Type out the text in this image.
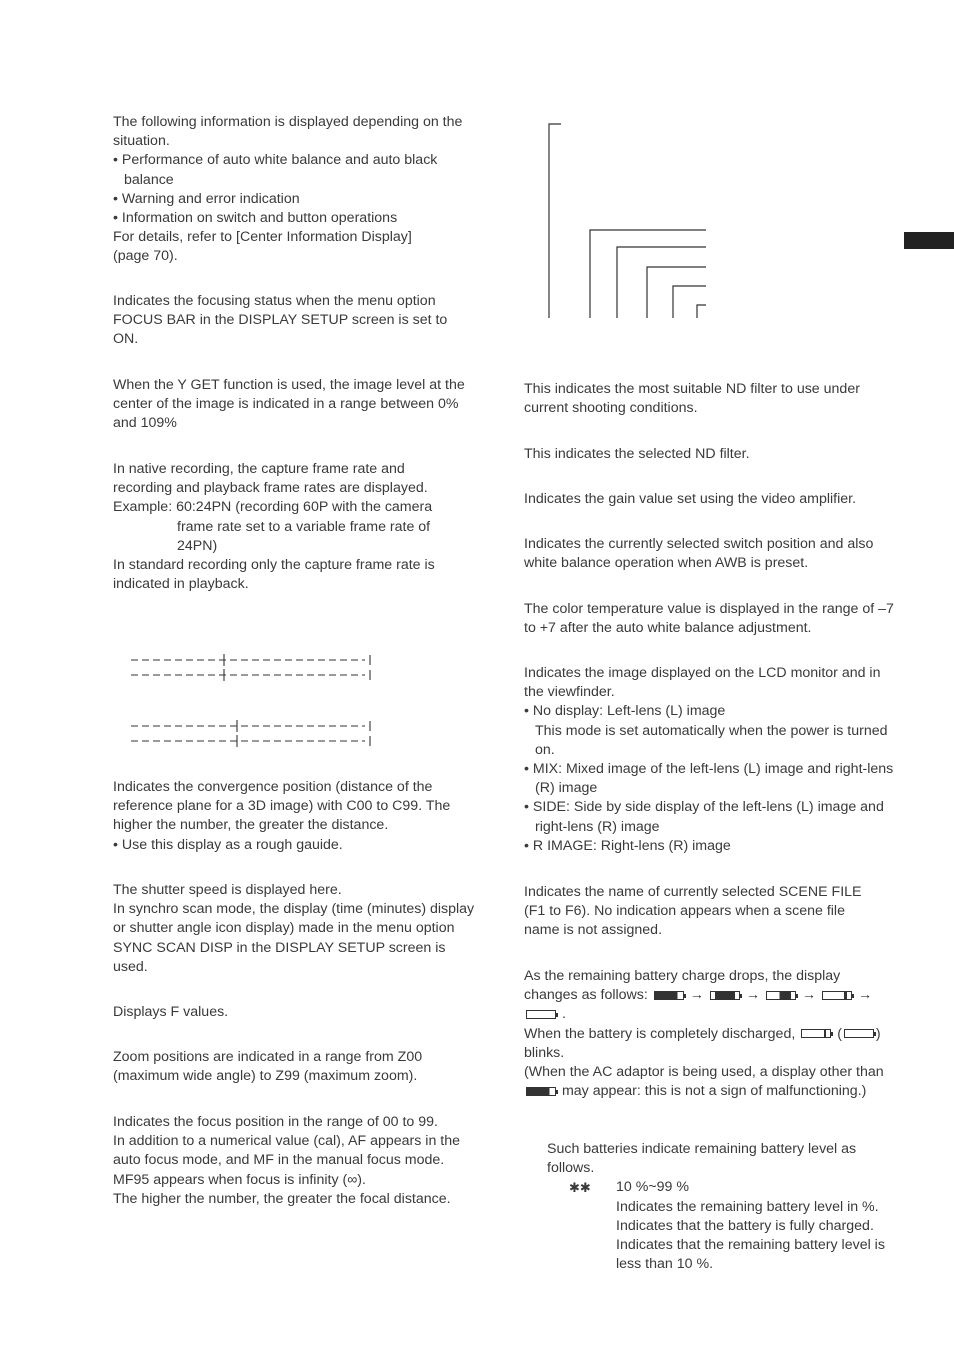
The following information is displayed depending on the situation.
• Performance of auto white balance and auto black balance
• Warning and error indication
• Information on switch and button operations
For details, refer to [Center Information Display] (page 70).
Indicates the focusing status when the menu option FOCUS BAR in the DISPLAY SETUP screen is set to ON.
When the Y GET function is used, the image level at the center of the image is indicated in a range between 0% and 109%
In native recording, the capture frame rate and recording and playback frame rates are displayed.
Example: 60:24PN (recording 60P with the camera
frame rate set to a variable frame rate of 24PN)
In standard recording only the capture frame rate is indicated in playback.
Indicates the convergence position (distance of the reference plane for a 3D image) with C00 to C99. The higher the number, the greater the distance.
• Use this display as a rough gauide.
The shutter speed is displayed here.
In synchro scan mode, the display (time (minutes) display or shutter angle icon display) made in the menu option SYNC SCAN DISP in the DISPLAY SETUP screen is used.
Displays F values.
Zoom positions are indicated in a range from Z00 (maximum wide angle) to Z99 (maximum zoom).
Indicates the focus position in the range of 00 to 99.
In addition to a numerical value (cal), AF appears in the auto focus mode, and MF in the manual focus mode.
MF95 appears when focus is infinity (∞).
The higher the number, the greater the focal distance.
This indicates the most suitable ND filter to use under current shooting conditions.
This indicates the selected ND filter.
Indicates the gain value set using the video amplifier.
Indicates the currently selected switch position and also white balance operation when AWB is preset.
The color temperature value is displayed in the range of –7 to +7 after the auto white balance adjustment.
Indicates the image displayed on the LCD monitor and in the viewfinder.
• No display: Left-lens (L) image
This mode is set automatically when the power is turned on.
• MIX: Mixed image of the left-lens (L) image and right-lens (R) image
• SIDE: Side by side display of the left-lens (L) image and right-lens (R) image
• R IMAGE: Right-lens (R) image
Indicates the name of currently selected SCENE FILE (F1 to F6). No indication appears when a scene file name is not assigned.
As the remaining battery charge drops, the display changes as follows:	→	→	→	→  .
When the battery is completely discharged,	( ) blinks.
(When the AC adaptor is being used, a display other than  may appear: this is not a sign of malfunctioning.)
Such batteries indicate remaining battery level as follows.
✱✱ 10 %~99 %
Indicates the remaining battery level in %.
Indicates that the battery is fully charged.
Indicates that the remaining battery level is less than 10 %.
